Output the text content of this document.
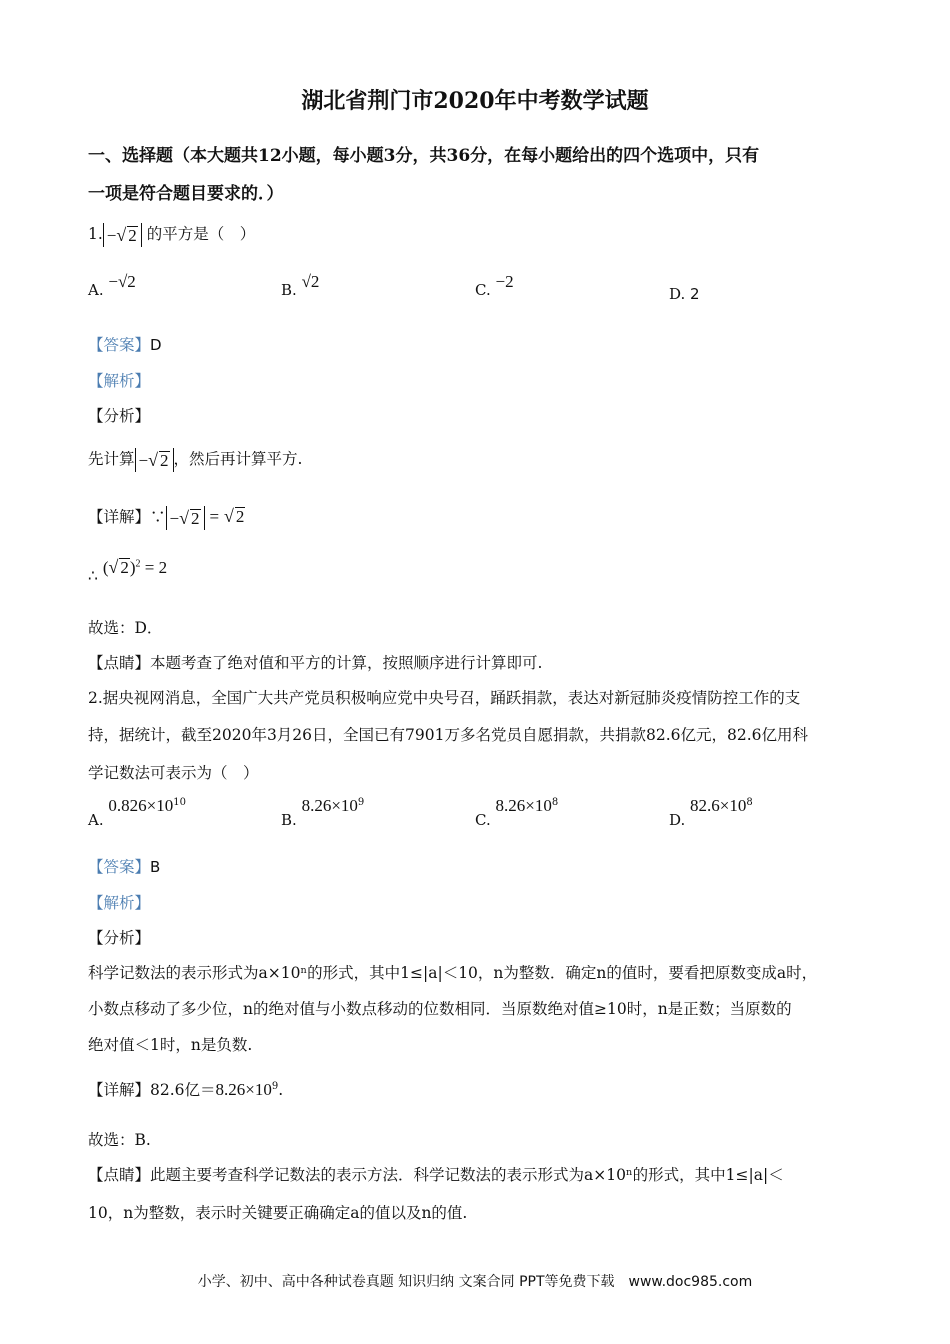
湖北省荆门市2020年中考数学试题
一、选择题（本大题共12小题，每小题3分，共36分，在每小题给出的四个选项中，只有
一项是符合题目要求的．）
1. −√ 2 的平方是（　）
A. −√2	B. √2	C. −2
D. 2
【答案】D
【解析】
【分析】
先计算 −√ 2 ，然后再计算平方.
【详解】∵ −√ 2 = √ 2
∴ (√ 2)$^2$ = 2
故选：D．
【点睛】本题考查了绝对值和平方的计算，按照顺序进行计算即可.
2.据央视网消息，全国广大共产党员积极响应党中央号召，踊跃捐款，表达对新冠肺炎疫情防控工作的支
持，据统计，截至2020年3月26日，全国已有7901万多名党员自愿捐款，共捐款82.6亿元，82.6亿用科
学记数法可表示为（　）
A. $0.826\times 10^{10}$
B. $8.26\times 10^9$
C. $8.26\times 10^8$
D. $82.6\times 10^8$
【答案】B
【解析】
【分析】
科学记数法的表示形式为a×10ⁿ的形式，其中1≤|a|＜10，n为整数．确定n的值时，要看把原数变成a时，
小数点移动了多少位，n的绝对值与小数点移动的位数相同．当原数绝对值≥10时，n是正数；当原数的
绝对值＜1时，n是负数.
【详解】82.6亿$=8.26\times 10^9$.
故选：B.
【点睛】此题主要考查科学记数法的表示方法．科学记数法的表示形式为a×10ⁿ的形式，其中1≤|a|＜
10，n为整数，表示时关键要正确确定a的值以及n的值.
小学、初中、高中各种试卷真题 知识归纳 文案合同 PPT等免费下载　www.doc985.com
